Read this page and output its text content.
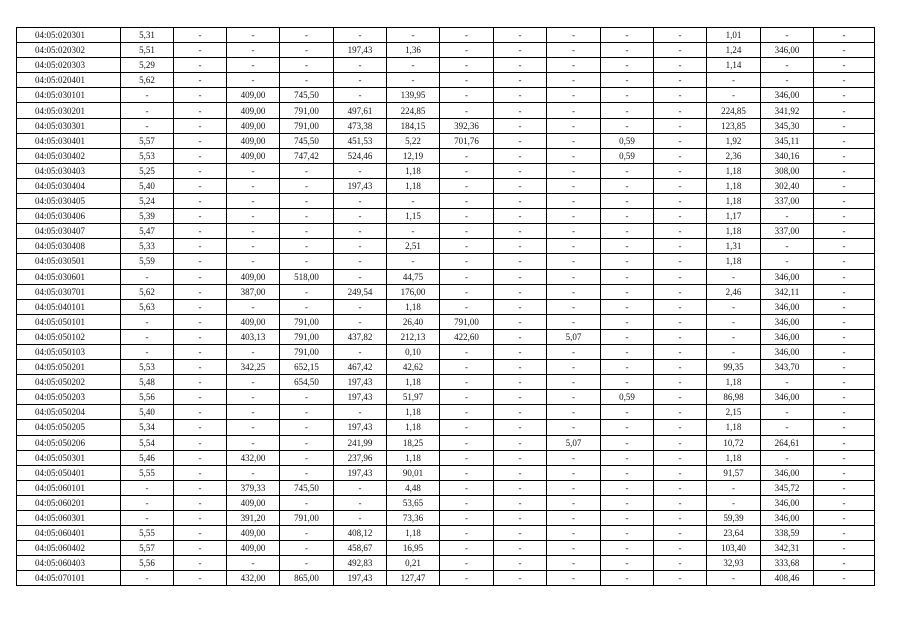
04:05:020301	5,31	-	-	-	-	-	-	-	-	-	-	1,01	-	-
04:05:020302	5,51	-	-	-	197,43	1,36	-	-	-	-	-	1,24	346,00	-
04:05:020303	5,29	-	-	-	-	-	-	-	-	-	-	1,14	-	-
04:05:020401	5,62	-	-	-	-	-	-	-	-	-	-	-	-	-
04:05:030101	-	-	409,00	745,50	-	139,95	-	-	-	-	-	-	346,00	-
04:05:030201	-	-	409,00	791,00	497,61	224,85	-	-	-	-	-	224,85	341,92	-
04:05:030301	-	-	409,00	791,00	473,38	184,15	392,36	-	-	-	-	123,85	345,30	-
04:05:030401	5,57	-	409,00	745,50	451,53	5,22	701,76	-	-	0,59	-	1,92	345,11	-
04:05:030402	5,53	-	409,00	747,42	524,46	12,19	-	-	-	0,59	-	2,36	340,16	-
04:05:030403	5,25	-	-	-	-	1,18	-	-	-	-	-	1,18	308,00	-
04:05:030404	5,40	-	-	-	197,43	1,18	-	-	-	-	-	1,18	302,40	-
04:05:030405	5,24	-	-	-	-	-	-	-	-	-	-	1,18	337,00	-
04:05:030406	5,39	-	-	-	-	1,15	-	-	-	-	-	1,17	-	-
04:05:030407	5,47	-	-	-	-	-	-	-	-	-	-	1,18	337,00	-
04:05:030408	5,33	-	-	-	-	2,51	-	-	-	-	-	1,31	-	-
04:05:030501	5,59	-	-	-	-	-	-	-	-	-	-	1,18	-	-
04:05:030601	-	-	409,00	518,00	-	44,75	-	-	-	-	-	-	346,00	-
04:05:030701	5,62	-	387,00	-	249,54	176,00	-	-	-	-	-	2,46	342,11	-
04:05:040101	5,63	-	-	-	-	1,18	-	-	-	-	-	-	346,00	-
04:05:050101	-	-	409,00	791,00	-	26,40	791,00	-	-	-	-	-	346,00	-
04:05:050102	-	-	403,13	791,00	437,82	212,13	422,60	-	5,07	-	-	-	346,00	-
04:05:050103	-	-	-	791,00	-	0,10	-	-	-	-	-	-	346,00	-
04:05:050201	5,53	-	342,25	652,15	467,42	42,62	-	-	-	-	-	99,35	343,70	-
04:05:050202	5,48	-	-	654,50	197,43	1,18	-	-	-	-	-	1,18	-	-
04:05:050203	5,56	-	-	-	197,43	51,97	-	-	-	0,59	-	86,98	346,00	-
04:05:050204	5,40	-	-	-	-	1,18	-	-	-	-	-	2,15	-	-
04:05:050205	5,34	-	-	-	197,43	1,18	-	-	-	-	-	1,18	-	-
04:05:050206	5,54	-	-	-	241,99	18,25	-	-	5,07	-	-	10,72	264,61	-
04:05:050301	5,46	-	432,00	-	237,96	1,18	-	-	-	-	-	1,18	-	-
04:05:050401	5,55	-	-	-	197,43	90,01	-	-	-	-	-	91,57	346,00	-
04:05:060101	-	-	379,33	745,50	-	4,48	-	-	-	-	-	-	345,72	-
04:05:060201	-	-	409,00	-	-	53,65	-	-	-	-	-	-	346,00	-
04:05:060301	-	-	391,20	791,00	-	73,36	-	-	-	-	-	59,39	346,00	-
04:05:060401	5,55	-	409,00	-	408,12	1,18	-	-	-	-	-	23,64	338,59	-
04:05:060402	5,57	-	409,00	-	458,67	16,95	-	-	-	-	-	103,40	342,31	-
04:05:060403	5,56	-	-	-	492,83	0,21	-	-	-	-	-	32,93	333,68	-
04:05:070101	-	-	432,00	865,00	197,43	127,47	-	-	-	-	-	-	408,46	-
